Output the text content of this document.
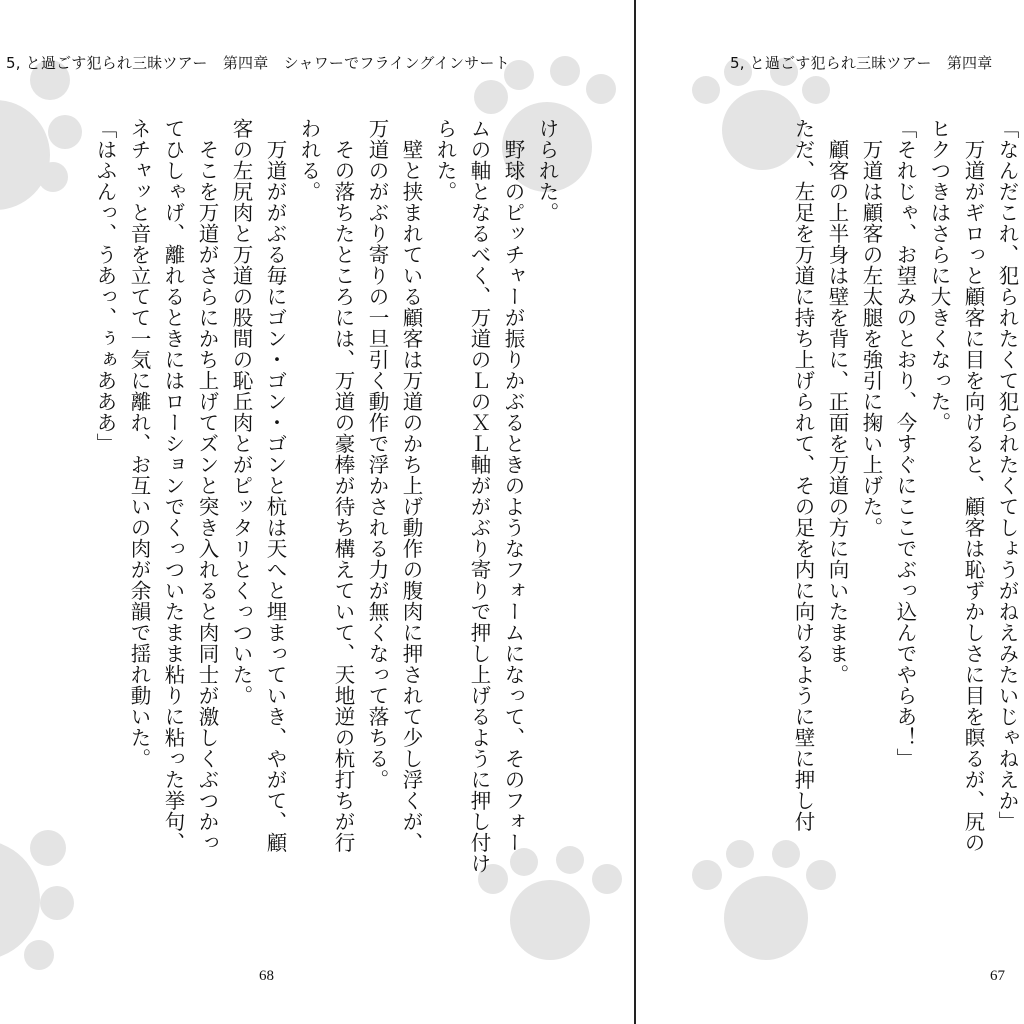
5, と過ごす犯られ三昧ツアー　第四章　シャワーでフライングインサート
けられた。
　野球のピッチャーが振りかぶるときのようなフォームになって、そのフォー
ムの軸となるべく、万道のＬのＸＬ軸ががぶり寄りで押し上げるように押し付け
られた。
　壁と挟まれている顧客は万道のかち上げ動作の腹肉に押されて少し浮くが、
万道のがぶり寄りの一旦引く動作で浮かされる力が無くなって落ちる。
　その落ちたところには、万道の豪棒が待ち構えていて、天地逆の杭打ちが行
われる。
　万道ががぶる毎にゴン・ゴン・ゴンと杭は天へと埋まっていき、やがて、顧
客の左尻肉と万道の股間の恥丘肉とがピッタリとくっついた。
　そこを万道がさらにかち上げてズンと突き入れると肉同士が激しくぶつかっ
てひしゃげ、離れるときにはローションでくっついたまま粘りに粘った挙句、
ネチャッと音を立てて一気に離れ、お互いの肉が余韻で揺れ動いた。
「はふんっ、うあっ、ぅぁあああ」
68
5, と過ごす犯られ三昧ツアー　第四章
「なんだこれ、犯られたくて犯られたくてしょうがねえみたいじゃねえか」
　万道がギロっと顧客に目を向けると、顧客は恥ずかしさに目を瞑るが、尻の
ヒクつきはさらに大きくなった。
「それじゃ、お望みのとおり、今すぐにここでぶっ込んでやらあ！」
　万道は顧客の左太腿を強引に掬い上げた。
　顧客の上半身は壁を背に、正面を万道の方に向いたまま。
ただ、左足を万道に持ち上げられて、その足を内に向けるように壁に押し付
67
